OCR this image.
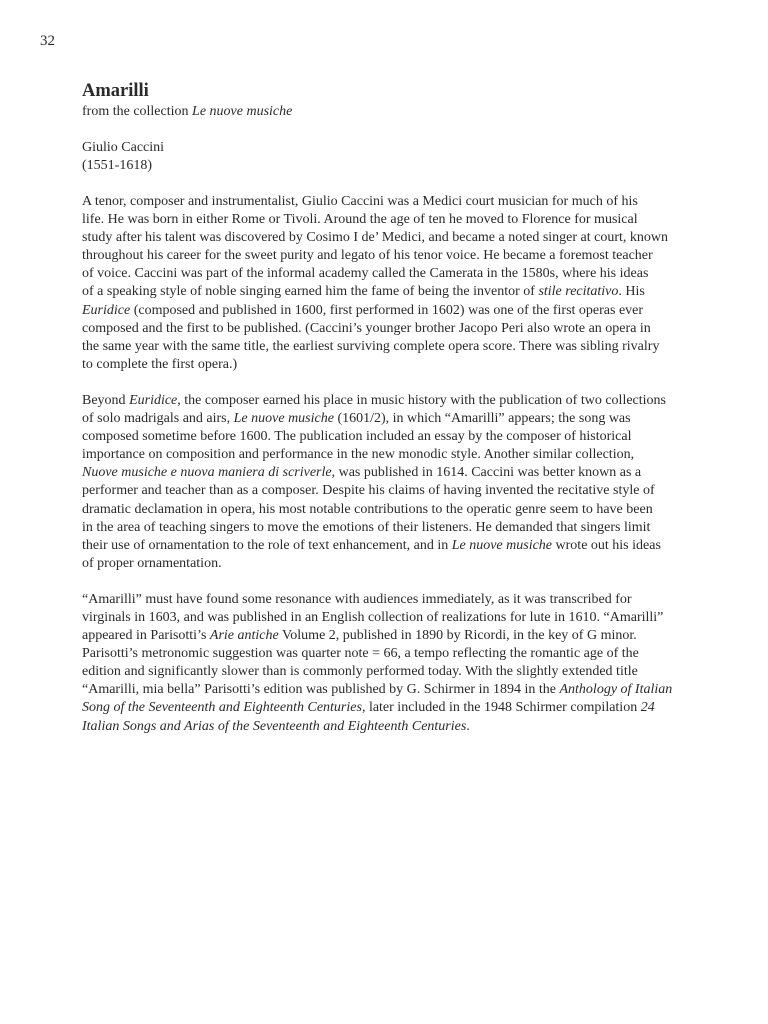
32
Amarilli
from the collection Le nuove musiche
Giulio Caccini
(1551-1618)

A tenor, composer and instrumentalist, Giulio Caccini was a Medici court musician for much of his
life. He was born in either Rome or Tivoli. Around the age of ten he moved to Florence for musical
study after his talent was discovered by Cosimo I de’ Medici, and became a noted singer at court, known
throughout his career for the sweet purity and legato of his tenor voice. He became a foremost teacher
of voice. Caccini was part of the informal academy called the Camerata in the 1580s, where his ideas
of a speaking style of noble singing earned him the fame of being the inventor of stile recitativo. His
Euridice (composed and published in 1600, first performed in 1602) was one of the first operas ever
composed and the first to be published. (Caccini’s younger brother Jacopo Peri also wrote an opera in
the same year with the same title, the earliest surviving complete opera score. There was sibling rivalry
to complete the first opera.)

Beyond Euridice, the composer earned his place in music history with the publication of two collections
of solo madrigals and airs, Le nuove musiche (1601/2), in which “Amarilli” appears; the song was
composed sometime before 1600. The publication included an essay by the composer of historical
importance on composition and performance in the new monodic style. Another similar collection,
Nuove musiche e nuova maniera di scriverle, was published in 1614. Caccini was better known as a
performer and teacher than as a composer. Despite his claims of having invented the recitative style of
dramatic declamation in opera, his most notable contributions to the operatic genre seem to have been
in the area of teaching singers to move the emotions of their listeners. He demanded that singers limit
their use of ornamentation to the role of text enhancement, and in Le nuove musiche wrote out his ideas
of proper ornamentation.

“Amarilli” must have found some resonance with audiences immediately, as it was transcribed for
virginals in 1603, and was published in an English collection of realizations for lute in 1610. “Amarilli”
appeared in Parisotti’s Arie antiche Volume 2, published in 1890 by Ricordi, in the key of G minor.
Parisotti’s metronomic suggestion was quarter note = 66, a tempo reflecting the romantic age of the
edition and significantly slower than is commonly performed today. With the slightly extended title
“Amarilli, mia bella” Parisotti’s edition was published by G. Schirmer in 1894 in the Anthology of Italian
Song of the Seventeenth and Eighteenth Centuries, later included in the 1948 Schirmer compilation 24
Italian Songs and Arias of the Seventeenth and Eighteenth Centuries.
